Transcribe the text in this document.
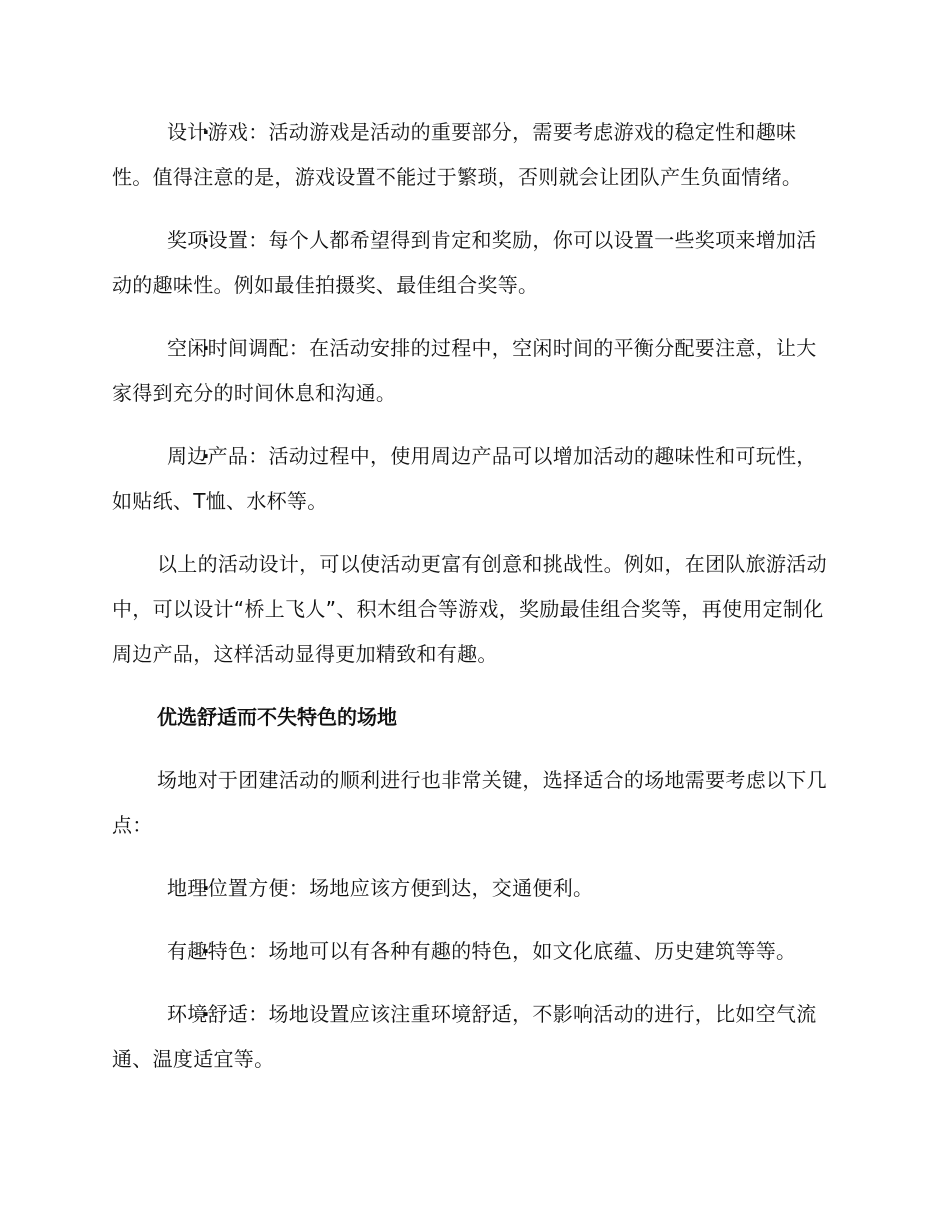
· 设计游戏：活动游戏是活动的重要部分，需要考虑游戏的稳定性和趣味性。值得注意的是，游戏设置不能过于繁琐，否则就会让团队产生负面情绪。

· 奖项设置：每个人都希望得到肯定和奖励，你可以设置一些奖项来增加活动的趣味性。例如最佳拍摄奖、最佳组合奖等。

· 空闲时间调配：在活动安排的过程中，空闲时间的平衡分配要注意，让大家得到充分的时间休息和沟通。

· 周边产品：活动过程中，使用周边产品可以增加活动的趣味性和可玩性，如贴纸、T恤、水杯等。

以上的活动设计，可以使活动更富有创意和挑战性。例如，在团队旅游活动中，可以设计“桥上飞人”、积木组合等游戏，奖励最佳组合奖等，再使用定制化周边产品，这样活动显得更加精致和有趣。

优选舒适而不失特色的场地

场地对于团建活动的顺利进行也非常关键，选择适合的场地需要考虑以下几点：

· 地理位置方便：场地应该方便到达，交通便利。

· 有趣特色：场地可以有各种有趣的特色，如文化底蕴、历史建筑等等。

· 环境舒适：场地设置应该注重环境舒适，不影响活动的进行，比如空气流通、温度适宜等。
